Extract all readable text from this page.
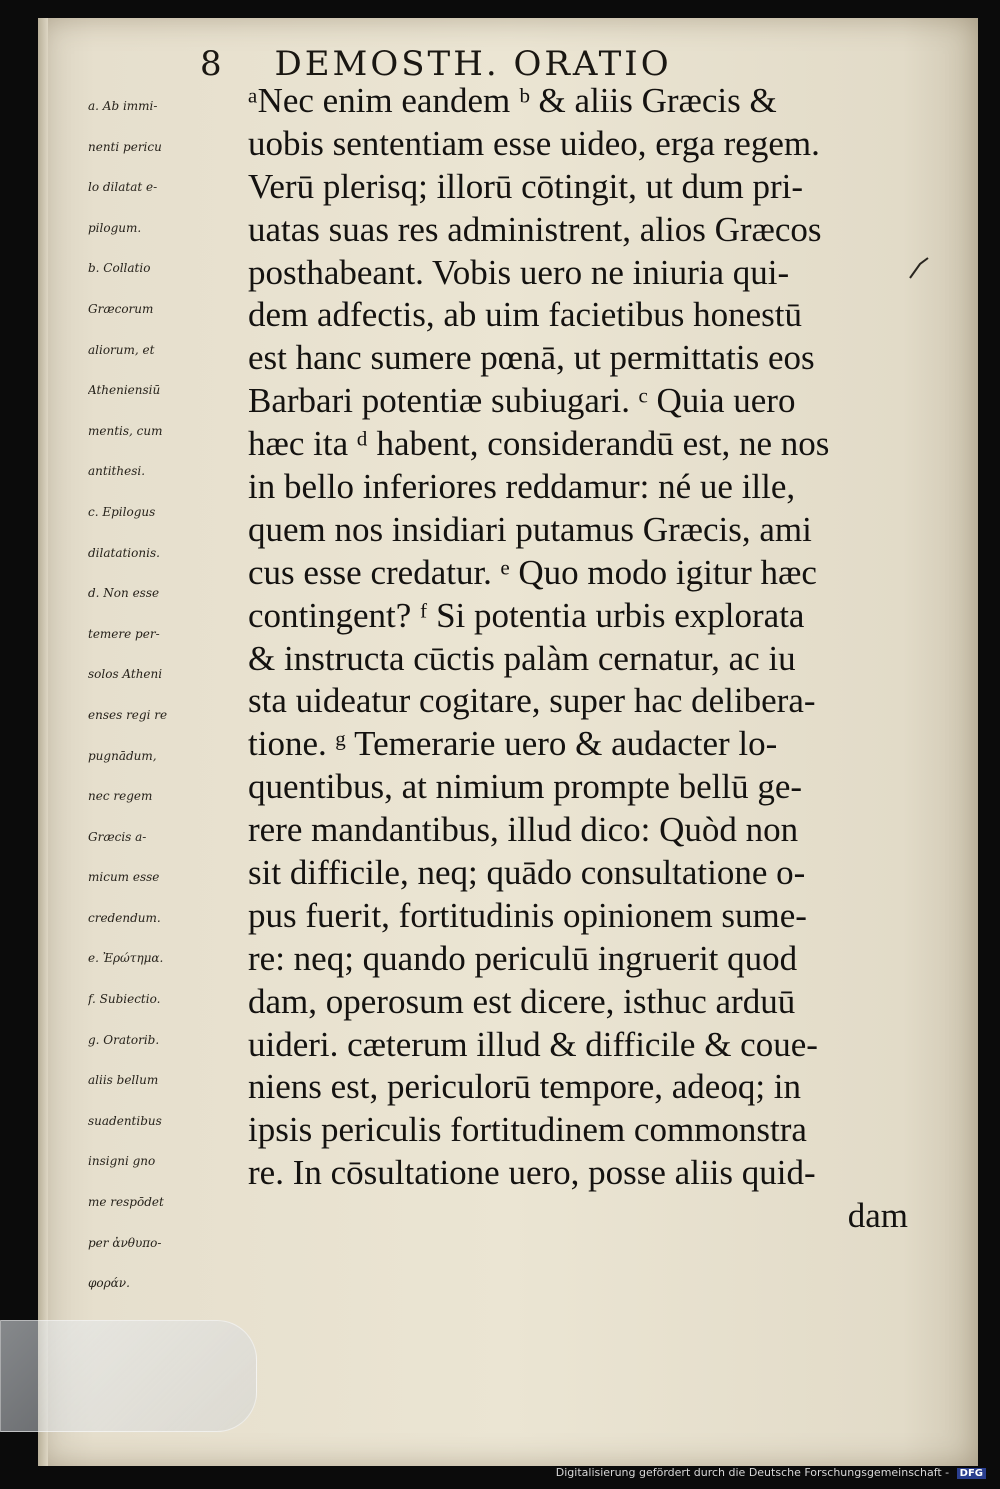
8 DEMOSTH. ORATIO
a. Ab immi-
nenti pericu
lo dilatat e-
pilogum.
b. Collatio
Græcorum
aliorum, et
Atheniensiū
mentis, cum
antithesi.
c. Epilogus
dilatationis.
d. Non esse
temere per-
solos Atheni
enses regi re
pugnādum,
nec regem
Græcis a-
micum esse
credendum.
e. Ἐρώτημα.
f. Subiectio.
g. Oratorib.
aliis bellum
suadentibus
insigni gno
me respōdet
per ἀνθυπο-
φοράν.
ᵃNec enim eandem ᵇ & aliis Græcis &
uobis sententiam esse uideo, erga regem.
Verū plerisq; illorū cōtingit, ut dum pri-
uatas suas res administrent, alios Græcos
posthabeant. Vobis uero ne iniuria qui-
dem adfectis, ab uim facietibus honestū
est hanc sumere pœnā, ut permittatis eos
Barbari potentiæ subiugari. ᶜ Quia uero
hæc ita ᵈ habent, considerandū est, ne nos
in bello inferiores reddamur: né ue ille,
quem nos insidiari putamus Græcis, ami
cus esse credatur. ᵉ Quo modo igitur hæc
contingent? ᶠ Si potentia urbis explorata
& instructa cūctis palàm cernatur, ac iu
sta uideatur cogitare, super hac delibera-
tione. ᵍ Temerarie uero & audacter lo-
quentibus, at nimium prompte bellū ge-
rere mandantibus, illud dico: Quòd non
sit difficile, neq; quādo consultatione o-
pus fuerit, fortitudinis opinionem sume-
re: neq; quando periculū ingruerit quod
dam, operosum est dicere, isthuc arduū
uideri. cæterum illud & difficile & coue-
niens est, periculorū tempore, adeoq; in
ipsis periculis fortitudinem commonstra
re. In cōsultatione uero, posse aliis quid-
dam
Digitalisierung gefördert durch die Deutsche Forschungsgemeinschaft - DFG
